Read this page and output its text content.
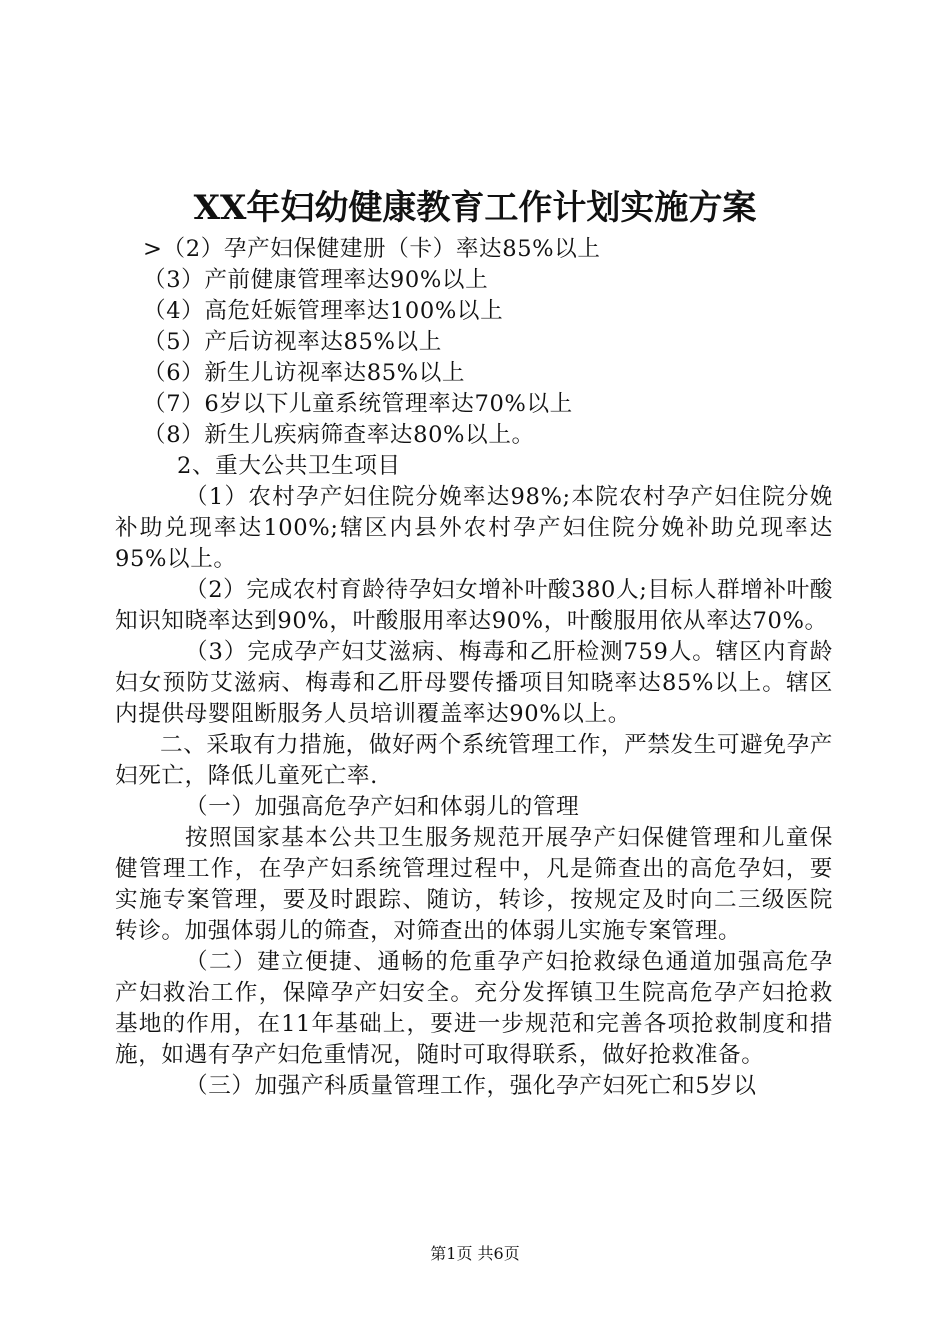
XX年妇幼健康教育工作计划实施方案

>（2）孕产妇保健建册（卡）率达85%以上

（3）产前健康管理率达90%以上

（4）高危妊娠管理率达100%以上

（5）产后访视率达85%以上

（6）新生儿访视率达85%以上

（7）6岁以下儿童系统管理率达70%以上

（8）新生儿疾病筛查率达80%以上。

2、重大公共卫生项目

（1）农村孕产妇住院分娩率达98%;本院农村孕产妇住院分娩补助兑现率达100%;辖区内县外农村孕产妇住院分娩补助兑现率达95%以上。

（2）完成农村育龄待孕妇女增补叶酸380人;目标人群增补叶酸知识知晓率达到90%，叶酸服用率达90%，叶酸服用依从率达70%。

（3）完成孕产妇艾滋病、梅毒和乙肝检测759人。辖区内育龄妇女预防艾滋病、梅毒和乙肝母婴传播项目知晓率达85%以上。辖区内提供母婴阻断服务人员培训覆盖率达90%以上。

二、采取有力措施，做好两个系统管理工作，严禁发生可避免孕产妇死亡，降低儿童死亡率.

（一）加强高危孕产妇和体弱儿的管理

按照国家基本公共卫生服务规范开展孕产妇保健管理和儿童保健管理工作，在孕产妇系统管理过程中，凡是筛查出的高危孕妇，要实施专案管理，要及时跟踪、随访，转诊，按规定及时向二三级医院转诊。加强体弱儿的筛查，对筛查出的体弱儿实施专案管理。

（二）建立便捷、通畅的危重孕产妇抢救绿色通道加强高危孕产妇救治工作，保障孕产妇安全。充分发挥镇卫生院高危孕产妇抢救基地的作用，在11年基础上，要进一步规范和完善各项抢救制度和措施，如遇有孕产妇危重情况，随时可取得联系，做好抢救准备。

（三）加强产科质量管理工作，强化孕产妇死亡和5岁以

第1页 共6页
